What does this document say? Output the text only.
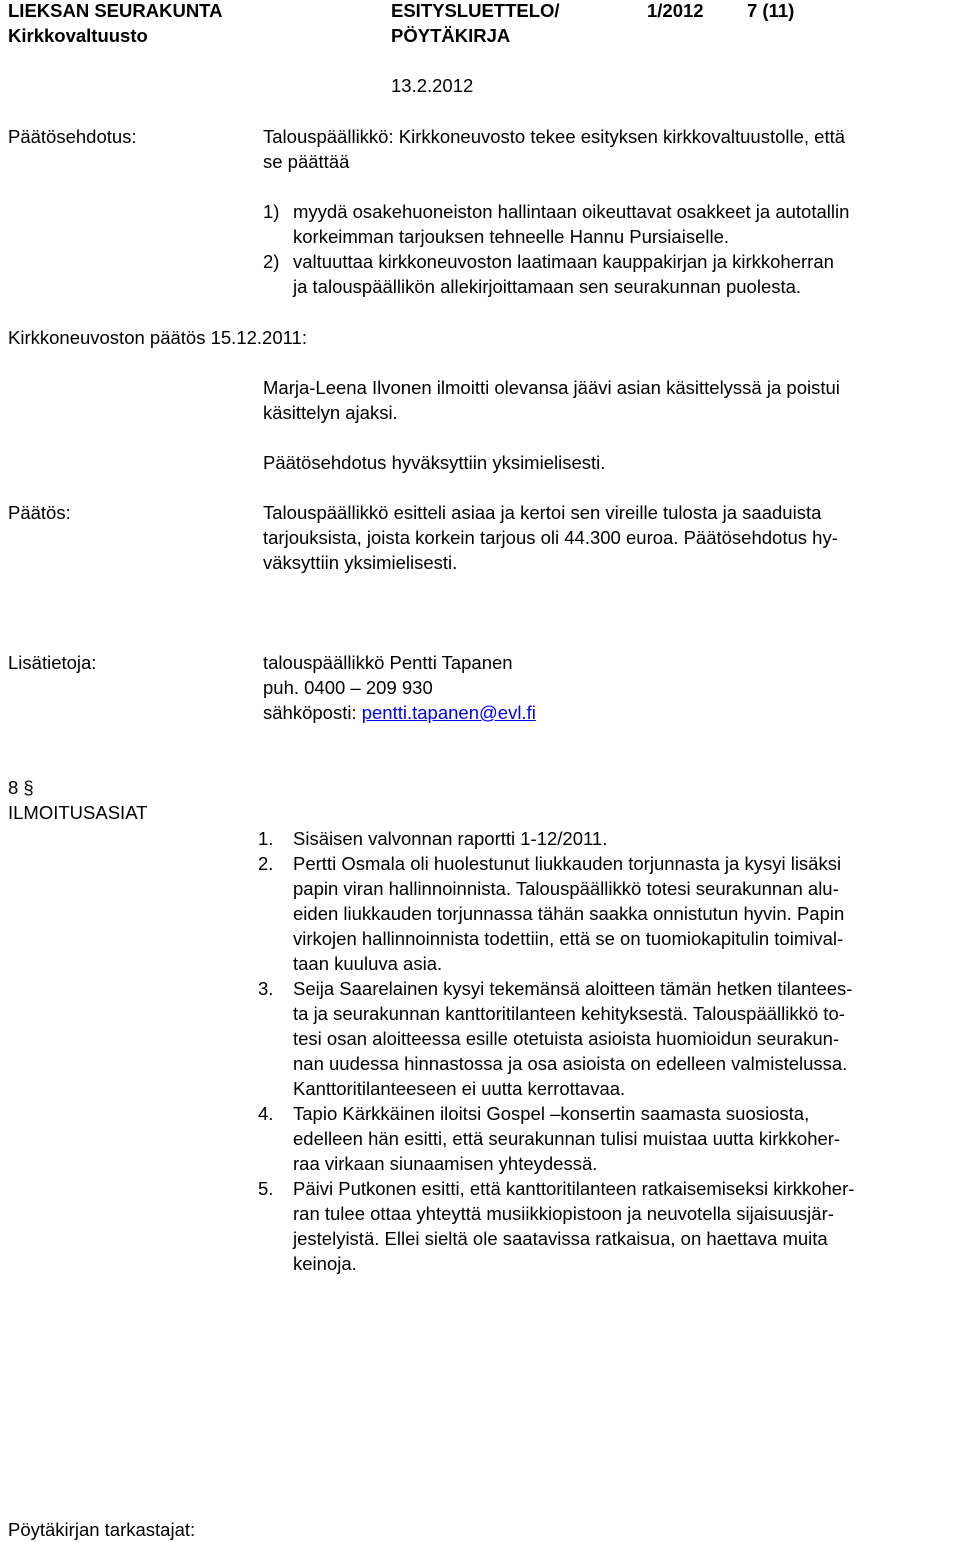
LIEKSAN SEURAKUNTA
Kirkkovaltuusto
ESITYSLUETTELO/
PÖYTÄKIRJA
1/2012 7 (11)
13.2.2012
Päätösehdotus:	Talouspäällikkö: Kirkkoneuvosto tekee esityksen kirkkovaltuustolle, että
se päättää
1) myydä osakehuoneiston hallintaan oikeuttavat osakkeet ja autotallin
korkeimman tarjouksen tehneelle Hannu Pursiaiselle.
2) valtuuttaa kirkkoneuvoston laatimaan kauppakirjan ja kirkkoherran
ja talouspäällikön allekirjoittamaan sen seurakunnan puolesta.
Kirkkoneuvoston päätös 15.12.2011:
Marja-Leena Ilvonen ilmoitti olevansa jäävi asian käsittelyssä ja poistui
käsittelyn ajaksi.
Päätösehdotus hyväksyttiin yksimielisesti.
Päätös:	Talouspäällikkö esitteli asiaa ja kertoi sen vireille tulosta ja saaduista
tarjouksista, joista korkein tarjous oli 44.300 euroa. Päätösehdotus hy-
väksyttiin yksimielisesti.
Lisätietoja:	talouspäällikkö Pentti Tapanen
puh. 0400 – 209 930
sähköposti: pentti.tapanen@evl.fi
8 §
ILMOITUSASIAT
1. Sisäisen valvonnan raportti 1-12/2011.
2. Pertti Osmala oli huolestunut liukkauden torjunnasta ja kysyi lisäksi
papin viran hallinnoinnista. Talouspäällikkö totesi seurakunnan alu-
eiden liukkauden torjunnassa tähän saakka onnistutun hyvin. Papin
virkojen hallinnoinnista todettiin, että se on tuomiokapitulin toimival-
taan kuuluva asia.
3. Seija Saarelainen kysyi tekemänsä aloitteen tämän hetken tilantees-
ta ja seurakunnan kanttoritilanteen kehityksestä. Talouspäällikkö to-
tesi osan aloitteessa esille otetuista asioista huomioidun seurakun-
nan uudessa hinnastossa ja osa asioista on edelleen valmistelussa.
Kanttoritilanteeseen ei uutta kerrottavaa.
4. Tapio Kärkkäinen iloitsi Gospel –konsertin saamasta suosiosta,
edelleen hän esitti, että seurakunnan tulisi muistaa uutta kirkkoher-
raa virkaan siunaamisen yhteydessä.
5. Päivi Putkonen esitti, että kanttoritilanteen ratkaisemiseksi kirkkoher-
ran tulee ottaa yhteyttä musiikkiopistoon ja neuvotella sijaisuusjär-
jestelyistä. Ellei sieltä ole saatavissa ratkaisua, on haettava muita
keinoja.
Pöytäkirjan tarkastajat:
